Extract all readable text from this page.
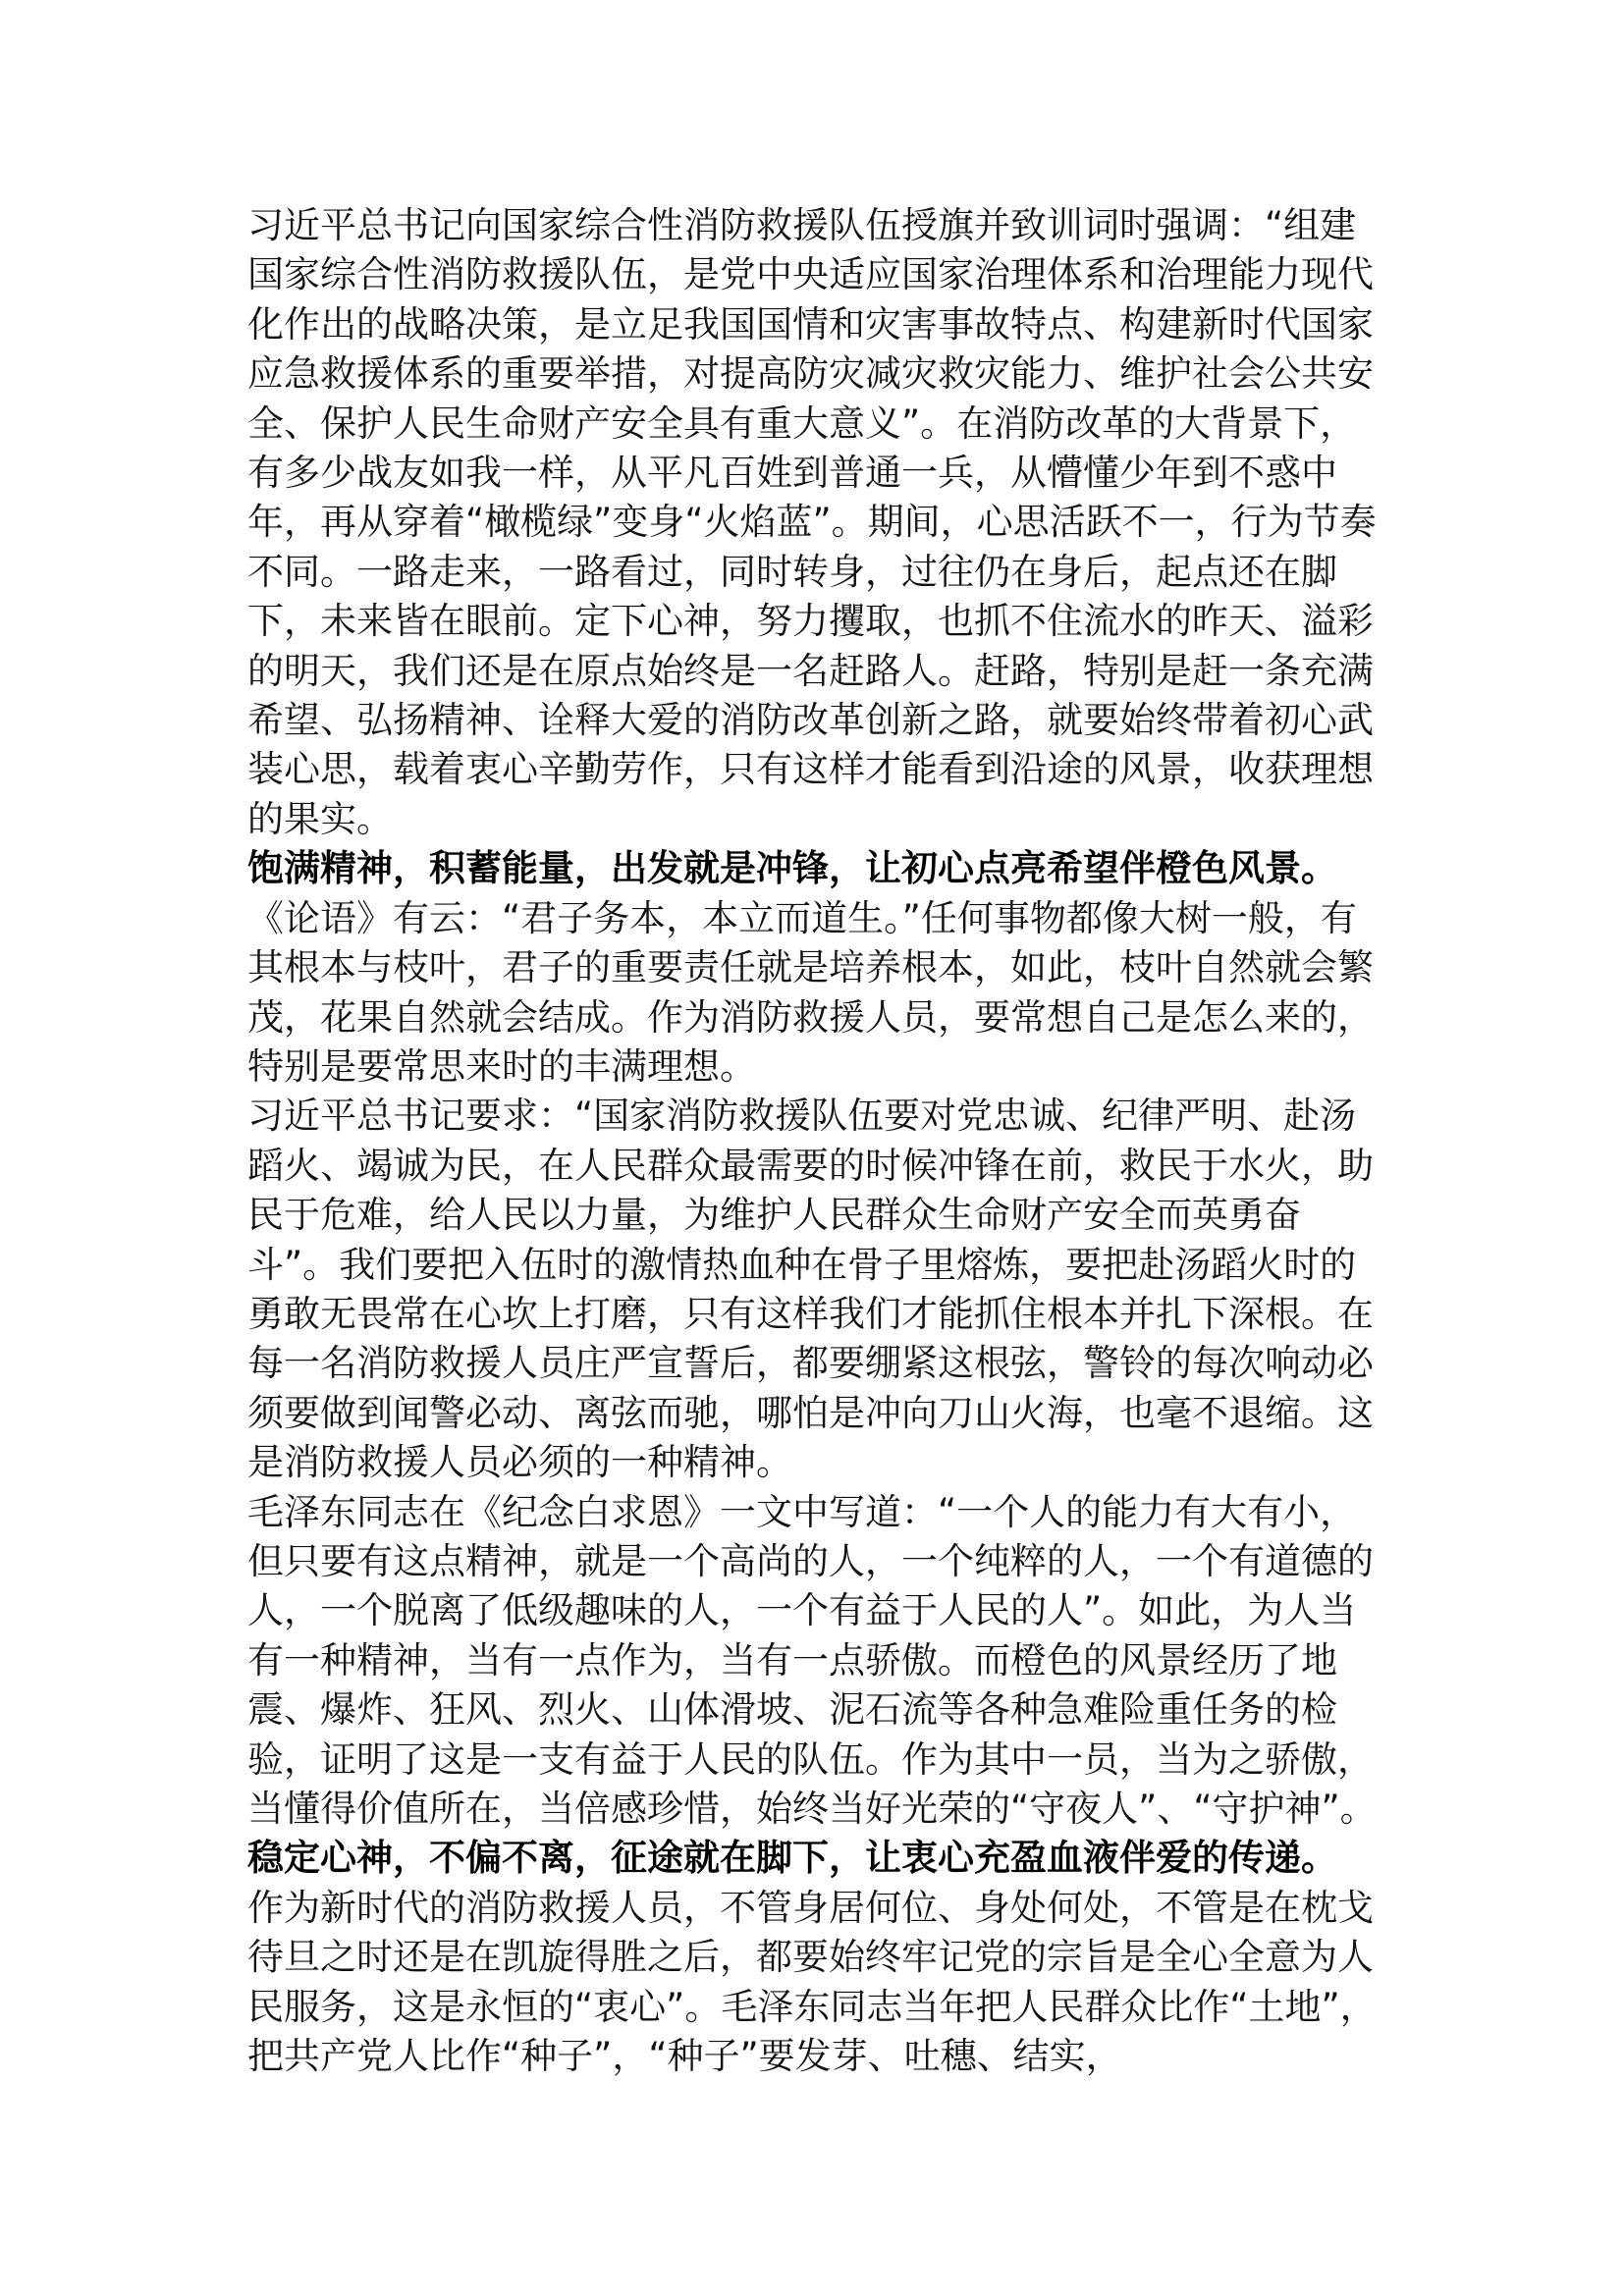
习近平总书记向国家综合性消防救援队伍授旗并致训词时强调：“组建国家综合性消防救援队伍，是党中央适应国家治理体系和治理能力现代化作出的战略决策，是立足我国国情和灾害事故特点、构建新时代国家应急救援体系的重要举措，对提高防灾减灾救灾能力、维护社会公共安全、保护人民生命财产安全具有重大意义”。在消防改革的大背景下，有多少战友如我一样，从平凡百姓到普通一兵，从懵懂少年到不惑中年，再从穿着“橄榄绿”变身“火焰蓝”。期间，心思活跃不一，行为节奏不同。一路走来，一路看过，同时转身，过往仍在身后，起点还在脚下，未来皆在眼前。定下心神，努力攫取，也抓不住流水的昨天、溢彩的明天，我们还是在原点始终是一名赶路人。赶路，特别是赶一条充满希望、弘扬精神、诠释大爱的消防改革创新之路，就要始终带着初心武装心思，载着衷心辛勤劳作，只有这样才能看到沿途的风景，收获理想的果实。

饱满精神，积蓄能量，出发就是冲锋，让初心点亮希望伴橙色风景。

《论语》有云：“君子务本，本立而道生。”任何事物都像大树一般，有其根本与枝叶，君子的重要责任就是培养根本，如此，枝叶自然就会繁茂，花果自然就会结成。作为消防救援人员，要常想自己是怎么来的，特别是要常思来时的丰满理想。

习近平总书记要求：“国家消防救援队伍要对党忠诚、纪律严明、赴汤蹈火、竭诚为民，在人民群众最需要的时候冲锋在前，救民于水火，助民于危难，给人民以力量，为维护人民群众生命财产安全而英勇奋斗”。我们要把入伍时的激情热血种在骨子里熔炼，要把赴汤蹈火时的勇敢无畏常在心坎上打磨，只有这样我们才能抓住根本并扎下深根。在每一名消防救援人员庄严宣誓后，都要绷紧这根弦，警铃的每次响动必须要做到闻警必动、离弦而驰，哪怕是冲向刀山火海，也毫不退缩。这是消防救援人员必须的一种精神。

毛泽东同志在《纪念白求恩》一文中写道：“一个人的能力有大有小，但只要有这点精神，就是一个高尚的人，一个纯粹的人，一个有道德的人，一个脱离了低级趣味的人，一个有益于人民的人”。如此，为人当有一种精神，当有一点作为，当有一点骄傲。而橙色的风景经历了地震、爆炸、狂风、烈火、山体滑坡、泥石流等各种急难险重任务的检验，证明了这是一支有益于人民的队伍。作为其中一员，当为之骄傲，当懂得价值所在，当倍感珍惜，始终当好光荣的“守夜人”、“守护神”。

稳定心神，不偏不离，征途就在脚下，让衷心充盈血液伴爱的传递。

作为新时代的消防救援人员，不管身居何位、身处何处，不管是在枕戈待旦之时还是在凯旋得胜之后，都要始终牢记党的宗旨是全心全意为人民服务，这是永恒的“衷心”。毛泽东同志当年把人民群众比作“土地”，把共产党人比作“种子”，“种子”要发芽、吐穗、结实，
